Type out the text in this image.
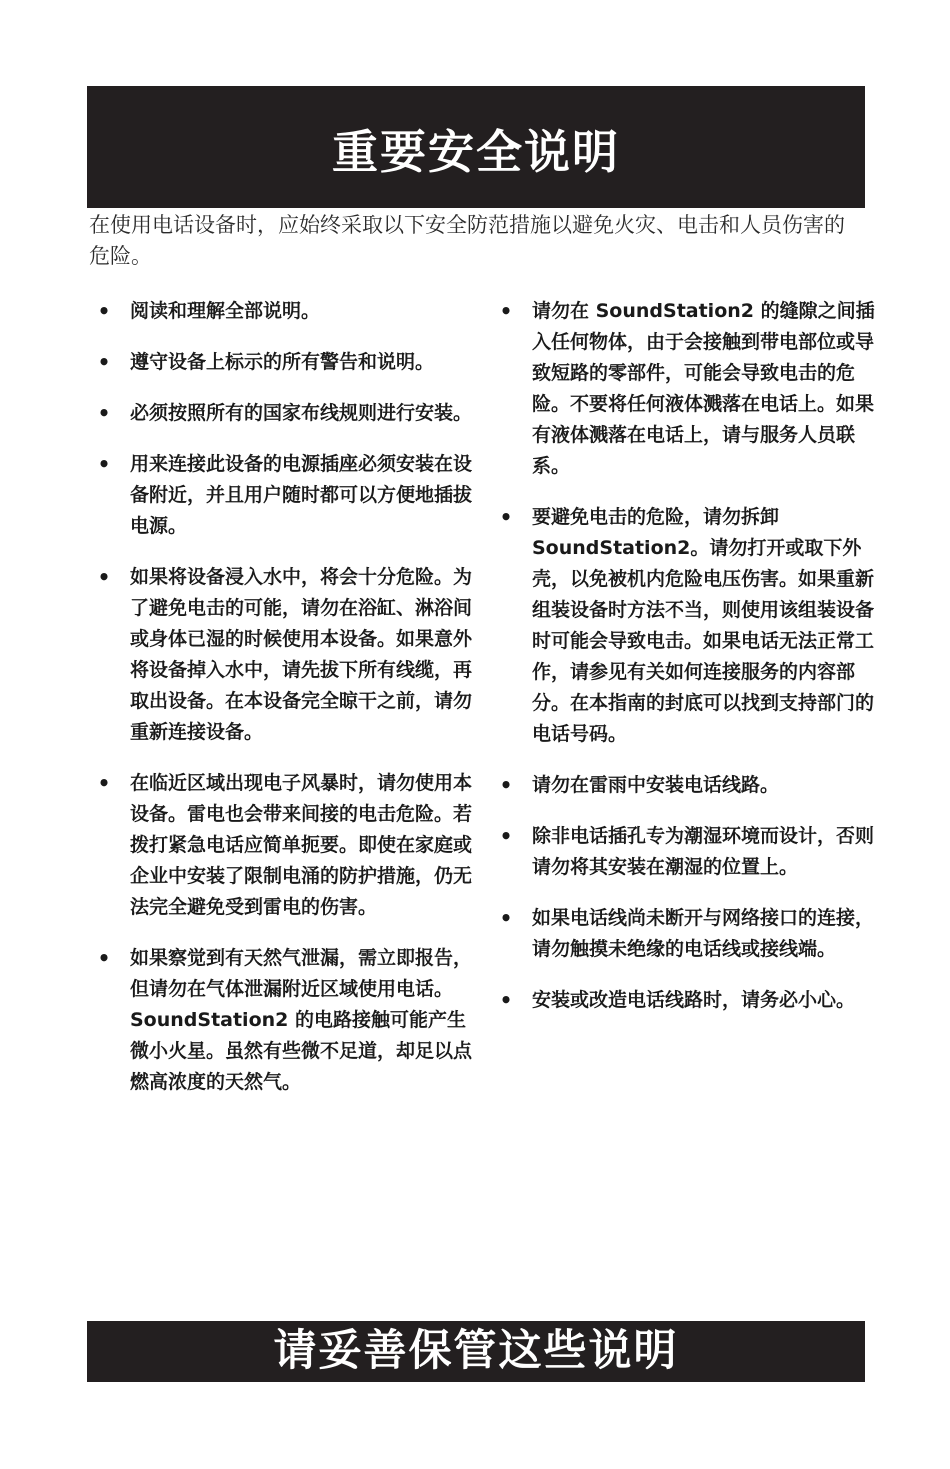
重要安全说明

在使用电话设备时，应始终采取以下安全防范措施以避免火灾、电击和人员伤害的危险。

• 阅读和理解全部说明。
• 遵守设备上标示的所有警告和说明。
• 必须按照所有的国家布线规则进行安装。
• 用来连接此设备的电源插座必须安装在设备附近，并且用户随时都可以方便地插拔电源。
• 如果将设备浸入水中，将会十分危险。为了避免电击的可能，请勿在浴缸、淋浴间或身体已湿的时候使用本设备。如果意外将设备掉入水中，请先拔下所有线缆，再取出设备。在本设备完全晾干之前，请勿重新连接设备。
• 在临近区域出现电子风暴时，请勿使用本设备。雷电也会带来间接的电击危险。若拨打紧急电话应简单扼要。即使在家庭或企业中安装了限制电涌的防护措施，仍无法完全避免受到雷电的伤害。
• 如果察觉到有天然气泄漏，需立即报告，但请勿在气体泄漏附近区域使用电话。SoundStation2 的电路接触可能产生微小火星。虽然有些微不足道，却足以点燃高浓度的天然气。
• 请勿在 SoundStation2 的缝隙之间插入任何物体，由于会接触到带电部位或导致短路的零部件，可能会导致电击的危险。不要将任何液体溅落在电话上。如果有液体溅落在电话上，请与服务人员联系。
• 要避免电击的危险，请勿拆卸 SoundStation2。请勿打开或取下外壳，以免被机内危险电压伤害。如果重新组装设备时方法不当，则使用该组装设备时可能会导致电击。如果电话无法正常工作，请参见有关如何连接服务的内容部分。在本指南的封底可以找到支持部门的电话号码。
• 请勿在雷雨中安装电话线路。
• 除非电话插孔专为潮湿环境而设计，否则请勿将其安装在潮湿的位置上。
• 如果电话线尚未断开与网络接口的连接，请勿触摸未绝缘的电话线或接线端。
• 安装或改造电话线路时，请务必小心。
请妥善保管这些说明
